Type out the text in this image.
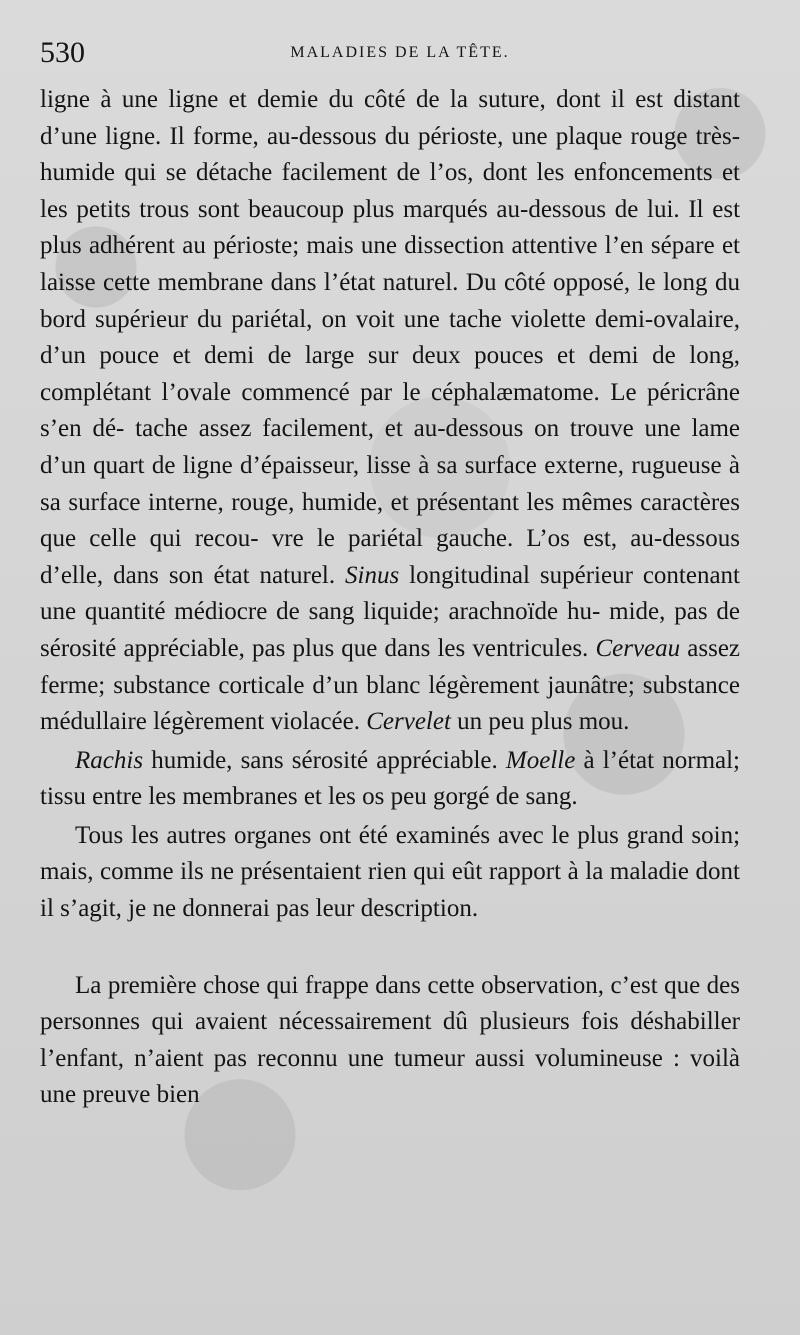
530	MALADIES DE LA TÊTE.

ligne à une ligne et demie du côté de la suture, dont il est distant d’une ligne. Il forme, au-dessous du périoste, une plaque rouge très-humide qui se détache facilement de l’os, dont les enfoncements et les petits trous sont beaucoup plus marqués au-dessous de lui. Il est plus adhérent au périoste; mais une dissection attentive l’en sépare et laisse cette membrane dans l’état naturel. Du côté opposé, le long du bord supérieur du pariétal, on voit une tache violette demi-ovalaire, d’un pouce et demi de large sur deux pouces et demi de long, complétant l’ovale commencé par le céphalæmatome. Le péricrâne s’en dé- tache assez facilement, et au-dessous on trouve une lame d’un quart de ligne d’épaisseur, lisse à sa surface externe, rugueuse à sa surface interne, rouge, humide, et présentant les mêmes caractères que celle qui recou- vre le pariétal gauche. L’os est, au-dessous d’elle, dans son état naturel. Sinus longitudinal supérieur contenant une quantité médiocre de sang liquide; arachnoïde hu- mide, pas de sérosité appréciable, pas plus que dans les ventricules. Cerveau assez ferme; substance corticale d’un blanc légèrement jaunâtre; substance médullaire légèrement violacée. Cervelet un peu plus mou.

Rachis humide, sans sérosité appréciable. Moelle à l’état normal; tissu entre les membranes et les os peu gorgé de sang.

Tous les autres organes ont été examinés avec le plus grand soin; mais, comme ils ne présentaient rien qui eût rapport à la maladie dont il s’agit, je ne donnerai pas leur description.

La première chose qui frappe dans cette observation, c’est que des personnes qui avaient nécessairement dû plusieurs fois déshabiller l’enfant, n’aient pas reconnu une tumeur aussi volumineuse : voilà une preuve bien
